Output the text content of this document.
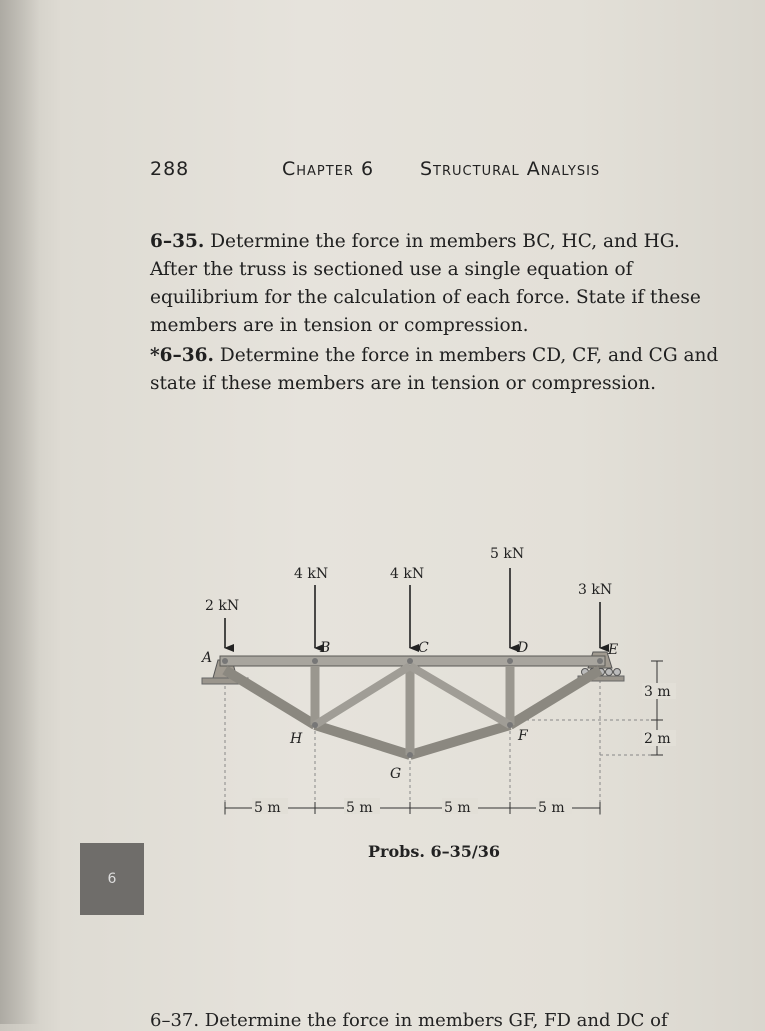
288	Chapter 6 Structural Analysis
6–35. Determine the force in members BC, HC, and HG. After the truss is sectioned use a single equation of equilibrium for the calculation of each force. State if these members are in tension or compression.
*6–36. Determine the force in members CD, CF, and CG and state if these members are in tension or compression.
2 kN
4 kN	4 kN
5 kN
3 kN
A
B	C	D	E
F
G
H
5 m	5 m	5 m	5 m
3 m
2 m
Probs. 6–35/36
6
6–37. Determine the force in members GF, FD and DC of
